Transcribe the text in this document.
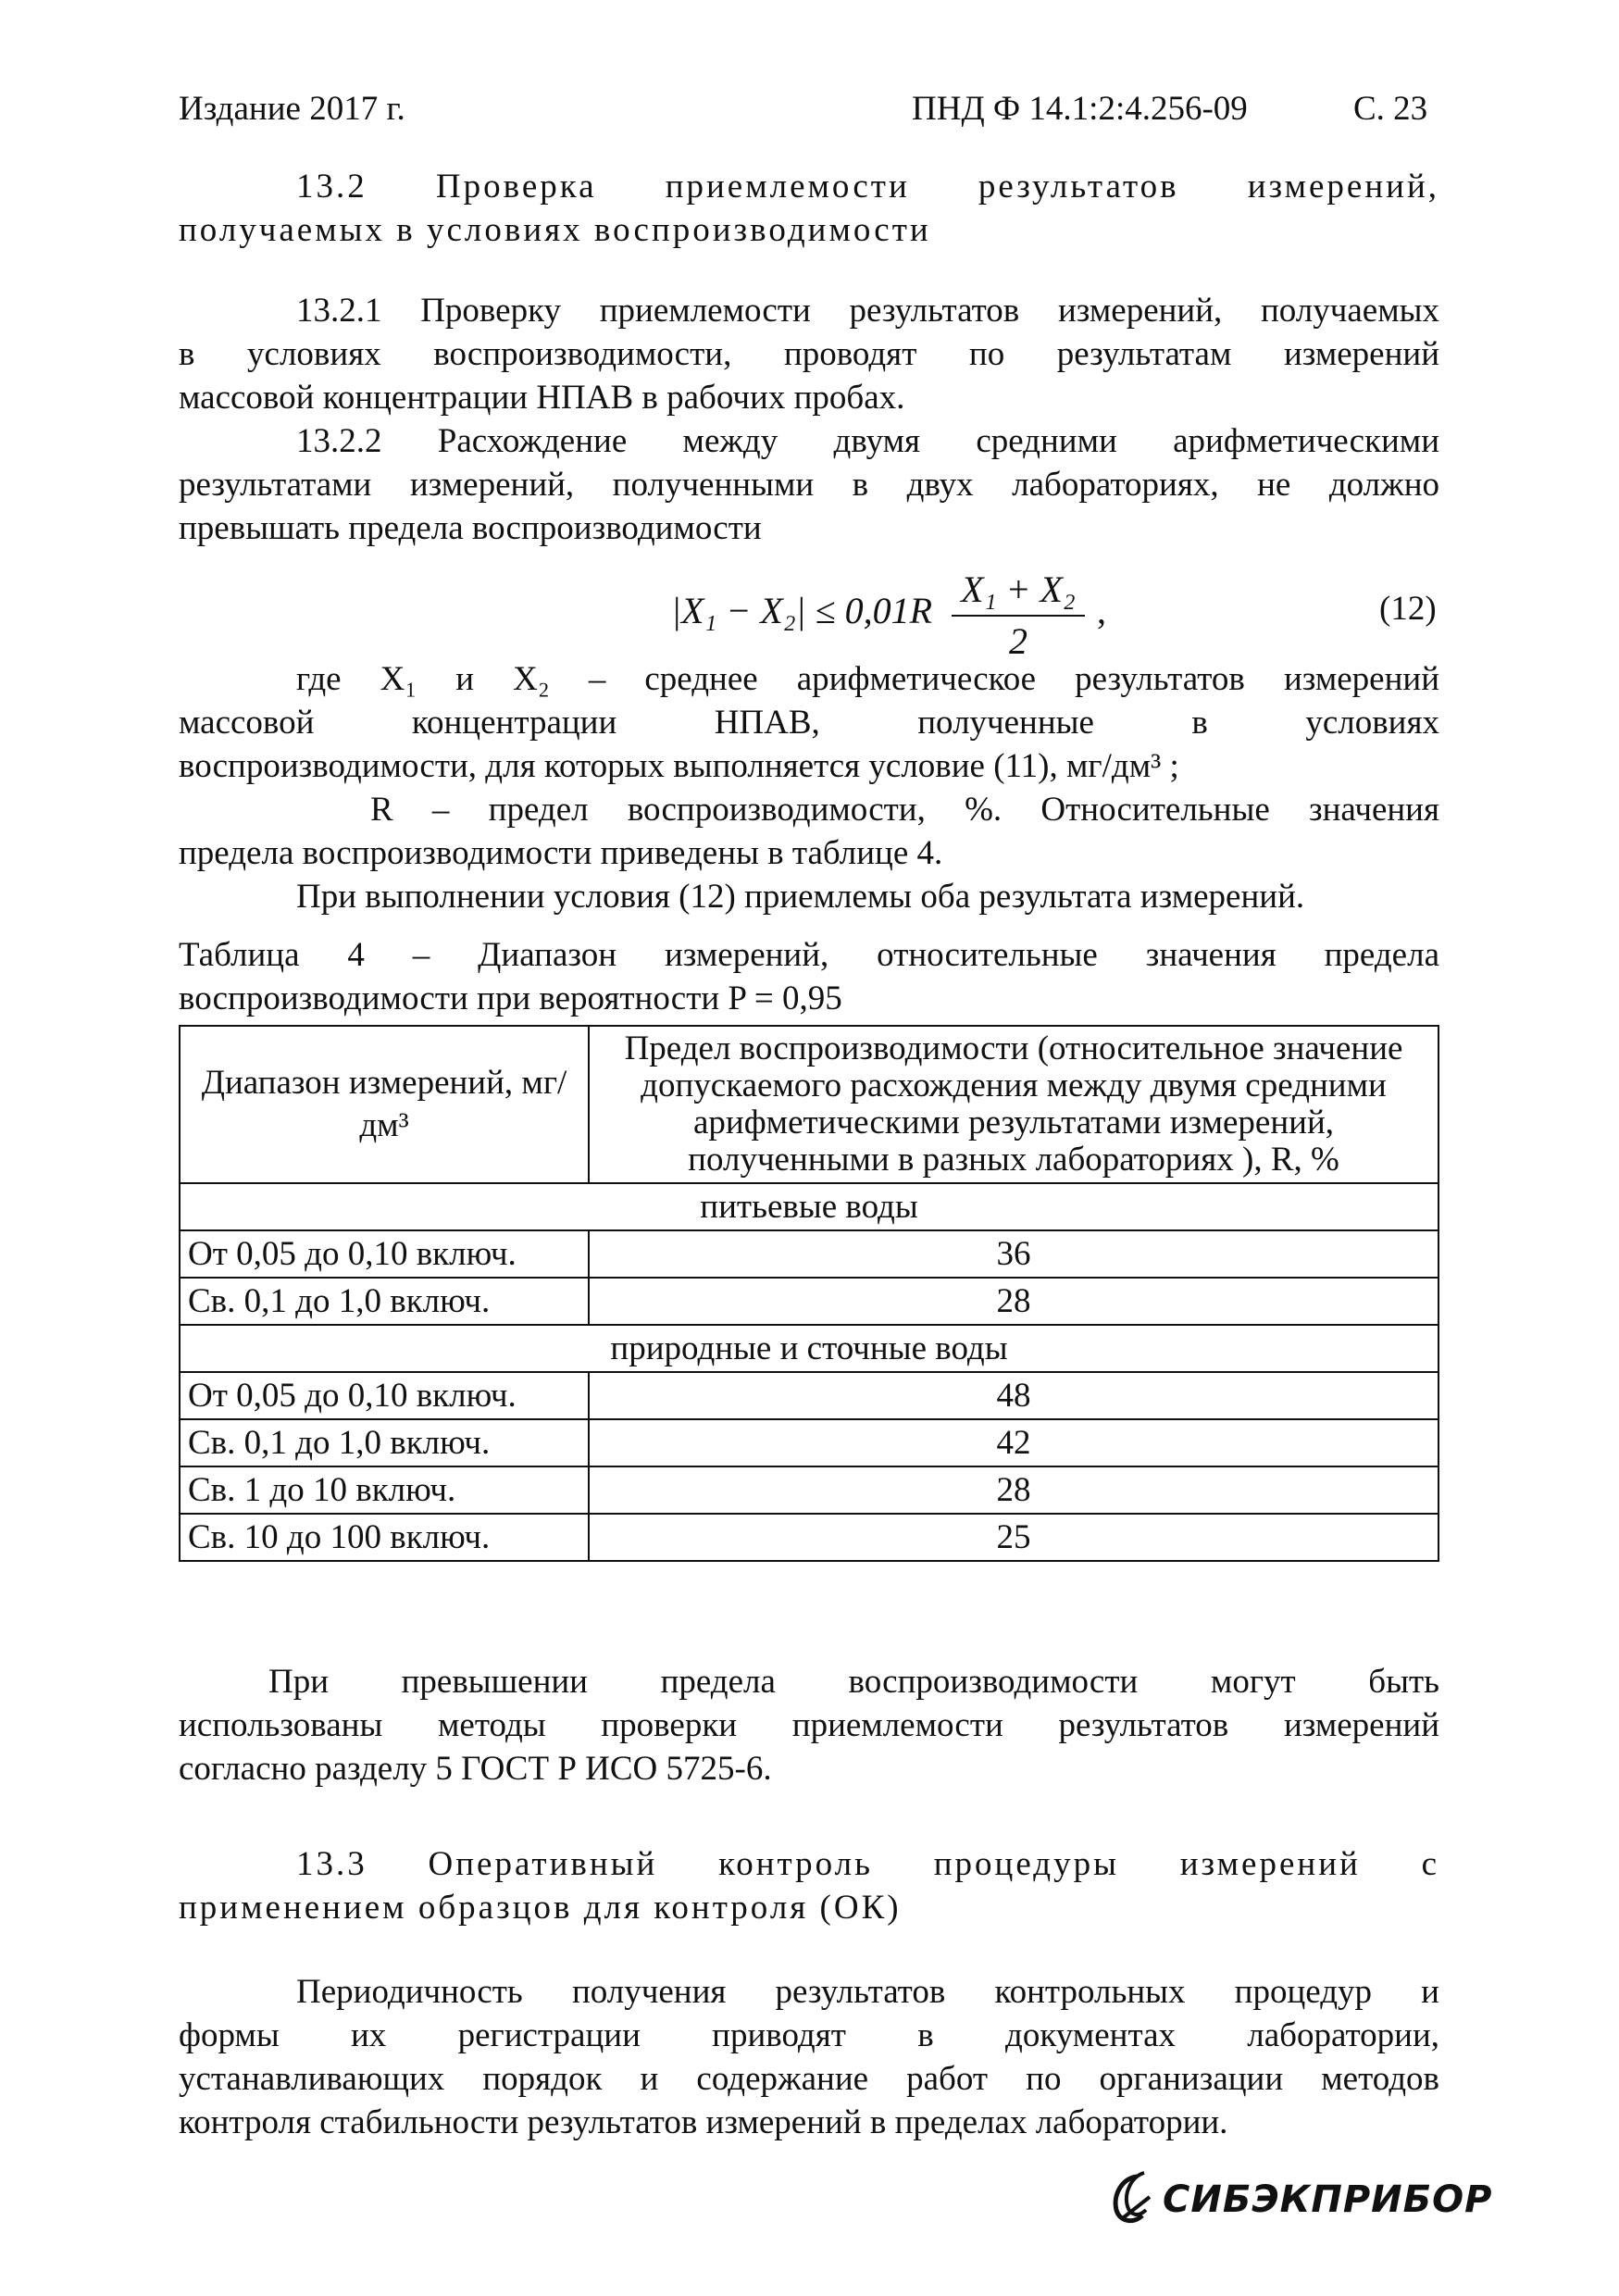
Издание 2017 г.	ПНД Ф 14.1:2:4.256-09	С. 23
13.2 Проверка приемлемости результатов измерений,
получаемых в условиях воспроизводимости
13.2.1 Проверку приемлемости результатов измерений, получаемых
в условиях воспроизводимости, проводят по результатам измерений
массовой концентрации НПАВ в рабочих пробах.
13.2.2 Расхождение между двумя средними арифметическими
результатами измерений, полученными в двух лабораториях, не должно
превышать предела воспроизводимости
|X₁ − X₂| ≤ 0,01R
X₁ + X₂
2
,	(12)
где X₁ и X₂ – среднее арифметическое результатов измерений
массовой концентрации НПАВ, полученные в условиях
воспроизводимости, для которых выполняется условие (11), мг/дм³ ;
R – предел воспроизводимости, %. Относительные значения
предела воспроизводимости приведены в таблице 4.
При выполнении условия (12) приемлемы оба результата измерений.
Таблица 4 – Диапазон измерений, относительные значения предела
воспроизводимости при вероятности P = 0,95
Диапазон измерений, мг/дм³	Предел воспроизводимости (относительное значение допускаемого расхождения между двумя средними арифметическими результатами измерений, полученными в разных лабораториях ), R, %
питьевые воды	
От 0,05 до 0,10 включ.	36
Св. 0,1 до 1,0 включ.	28
природные и сточные воды	
От 0,05 до 0,10 включ.	48
Св. 0,1 до 1,0 включ.	42
Св. 1 до 10 включ.	28
Св. 10 до 100 включ.	25
При превышении предела воспроизводимости могут быть
использованы методы проверки приемлемости результатов измерений
согласно разделу 5 ГОСТ Р ИСО 5725-6.
13.3 Оперативный контроль процедуры измерений с
применением образцов для контроля (ОК)
Периодичность получения результатов контрольных процедур и
формы их регистрации приводят в документах лаборатории,
устанавливающих порядок и содержание работ по организации методов
контроля стабильности результатов измерений в пределах лаборатории.
СИБЭКПРИБОР
